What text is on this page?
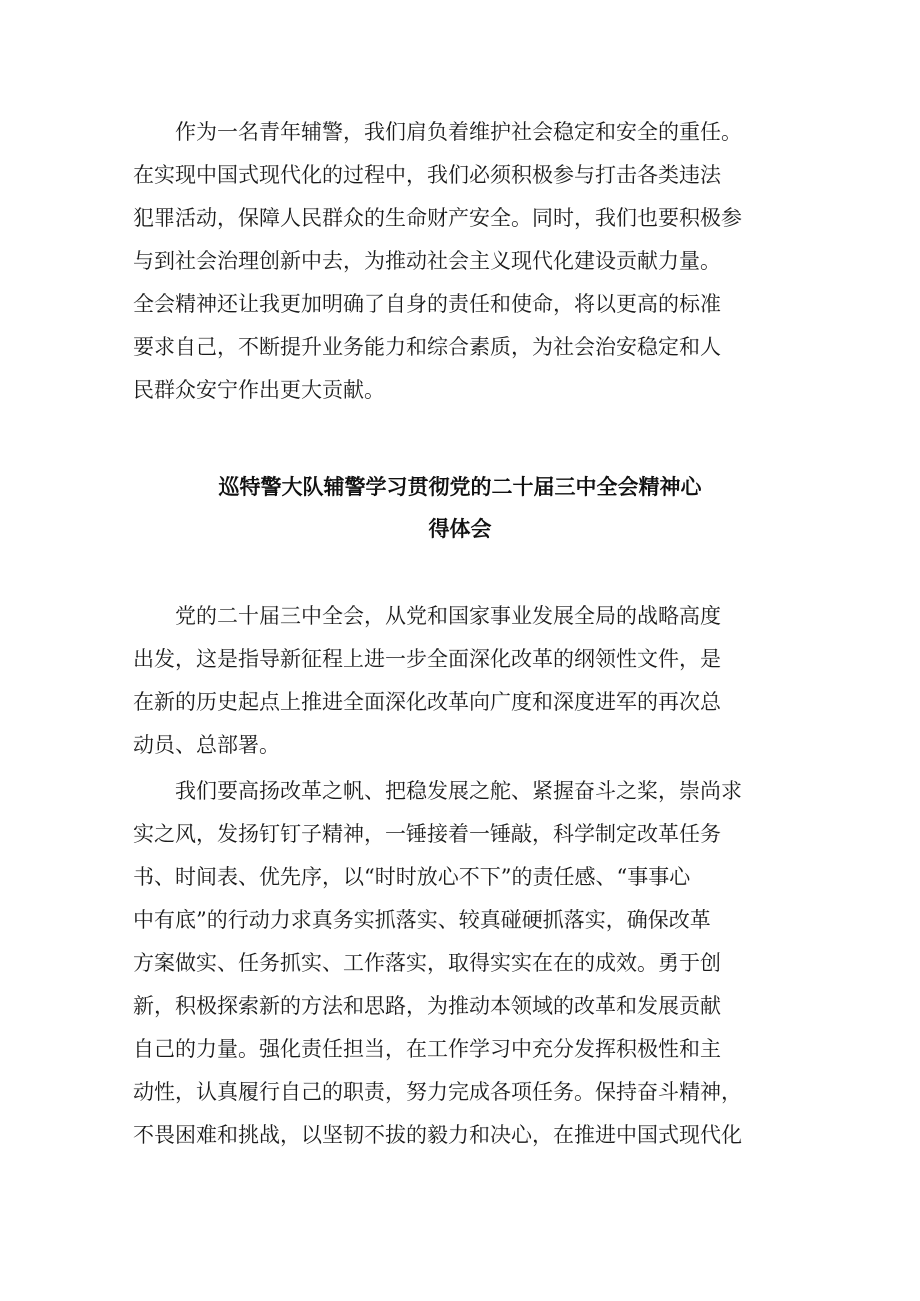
　　作为一名青年辅警，我们肩负着维护社会稳定和安全的重任。
在实现中国式现代化的过程中，我们必须积极参与打击各类违法
犯罪活动，保障人民群众的生命财产安全。同时，我们也要积极参
与到社会治理创新中去，为推动社会主义现代化建设贡献力量。
全会精神还让我更加明确了自身的责任和使命，将以更高的标准
要求自己，不断提升业务能力和综合素质，为社会治安稳定和人
民群众安宁作出更大贡献。
巡特警大队辅警学习贯彻党的二十届三中全会精神心
得体会
　　党的二十届三中全会，从党和国家事业发展全局的战略高度
出发，这是指导新征程上进一步全面深化改革的纲领性文件，是
在新的历史起点上推进全面深化改革向广度和深度进军的再次总
动员、总部署。
　　我们要高扬改革之帆、把稳发展之舵、紧握奋斗之桨，崇尚求
实之风，发扬钉钉子精神，一锤接着一锤敲，科学制定改革任务
书、时间表、优先序，以“时时放心不下”的责任感、“事事心
中有底”的行动力求真务实抓落实、较真碰硬抓落实，确保改革
方案做实、任务抓实、工作落实，取得实实在在的成效。勇于创
新，积极探索新的方法和思路，为推动本领域的改革和发展贡献
自己的力量。强化责任担当，在工作学习中充分发挥积极性和主
动性，认真履行自己的职责，努力完成各项任务。保持奋斗精神，
不畏困难和挑战，以坚韧不拔的毅力和决心，在推进中国式现代化
